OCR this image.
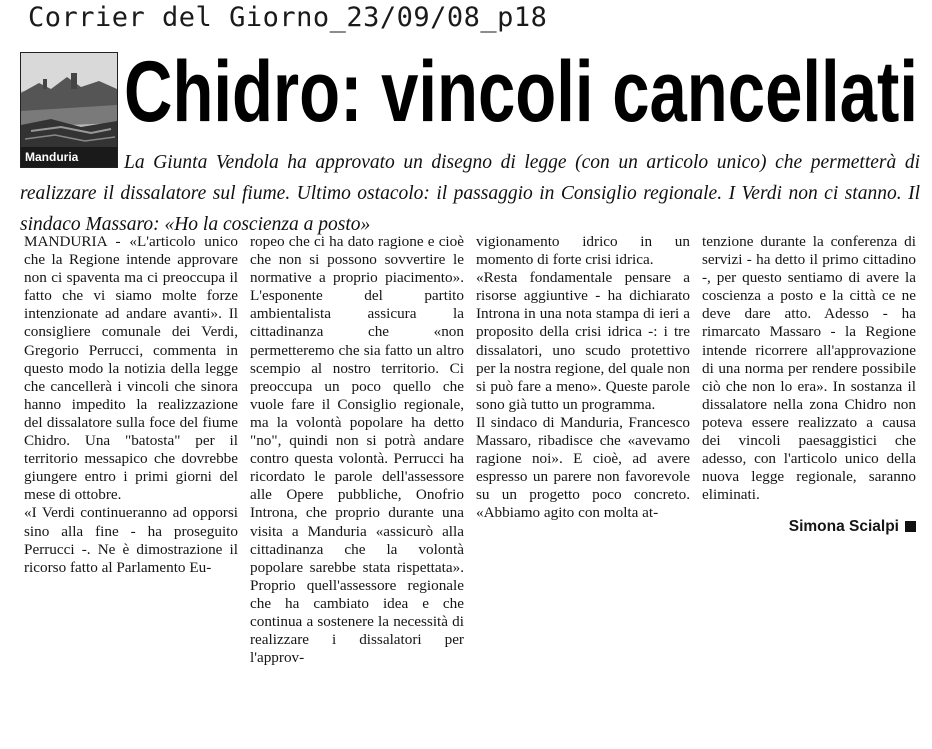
Corrier del Giorno_23/09/08_p18
Manduria
Chidro: vincoli cancellati
La Giunta Vendola ha approvato un disegno di legge (con un articolo unico) che permetterà di realizzare il dissalatore sul fiume. Ultimo ostacolo: il passaggio in Consiglio regionale. I Verdi non ci stanno. Il sindaco Massaro: «Ho la coscienza a posto»

MANDURIA - «L'articolo unico che la Regione intende approvare non ci spaventa ma ci preoccupa il fatto che vi siamo molte forze intenzionate ad andare avanti». Il consigliere comunale dei Verdi, Gregorio Perrucci, commenta in questo modo la notizia della legge che cancellerà i vincoli che sinora hanno impedito la realizzazione del dissalatore sulla foce del fiume Chidro. Una "batosta" per il territorio messapico che dovrebbe giungere entro i primi giorni del mese di ottobre.

«I Verdi continueranno ad opporsi sino alla fine - ha proseguito Perrucci -. Ne è dimostrazione il ricorso fatto al Parlamento Eu-

ropeo che ci ha dato ragione e cioè che non si possono sovvertire le normative a proprio piacimento». L'esponente del partito ambientalista assicura la cittadinanza che «non permetteremo che sia fatto un altro scempio al nostro territorio. Ci preoccupa un poco quello che vuole fare il Consiglio regionale, ma la volontà popolare ha detto "no", quindi non si potrà andare contro questa volontà. Perrucci ha ricordato le parole dell'assessore alle Opere pubbliche, Onofrio Introna, che proprio durante una visita a Manduria «assicurò alla cittadinanza che la volontà popolare sarebbe stata rispettata». Proprio quell'assessore regionale che ha cambiato idea e che continua a sostenere la necessità di realizzare i dissalatori per l'approv-

vigionamento idrico in un momento di forte crisi idrica.

«Resta fondamentale pensare a risorse aggiuntive - ha dichiarato Introna in una nota stampa di ieri a proposito della crisi idrica -: i tre dissalatori, uno scudo protettivo per la nostra regione, del quale non si può fare a meno». Queste parole sono già tutto un programma.

Il sindaco di Manduria, Francesco Massaro, ribadisce che «avevamo ragione noi». E cioè, ad avere espresso un parere non favorevole su un progetto poco concreto. «Abbiamo agito con molta at-

tenzione durante la conferenza di servizi - ha detto il primo cittadino -, per questo sentiamo di avere la coscienza a posto e la città ce ne deve dare atto. Adesso - ha rimarcato Massaro - la Regione intende ricorrere all'approvazione di una norma per rendere possibile ciò che non lo era». In sostanza il dissalatore nella zona Chidro non poteva essere realizzato a causa dei vincoli paesaggistici che adesso, con l'articolo unico della nuova legge regionale, saranno eliminati.

Simona Scialpi
